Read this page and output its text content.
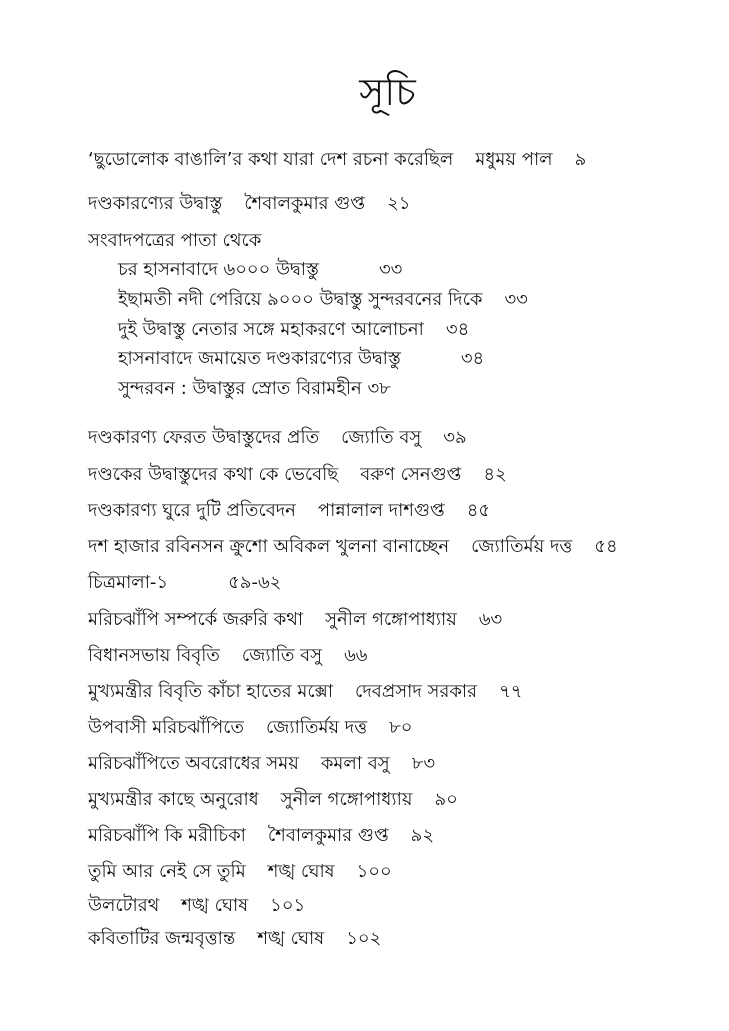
সূচি
‘ছুডোলোক বাঙালি’র কথা যারা দেশ রচনা করেছিল মধুময় পাল ৯
দণ্ডকারণ্যের উদ্বাস্তু শৈবালকুমার গুপ্ত ২১
সংবাদপত্রের পাতা থেকে
চর হাসনাবাদে ৬০০০ উদ্বাস্তু	৩৩
ইছামতী নদী পেরিয়ে ৯০০০ উদ্বাস্তু সুন্দরবনের দিকে ৩৩
দুই উদ্বাস্তু নেতার সঙ্গে মহাকরণে আলোচনা ৩৪
হাসনাবাদে জমায়েত দণ্ডকারণ্যের উদ্বাস্তু	৩৪
সুন্দরবন : উদ্বাস্তুর স্রোত বিরামহীন ৩৮
দণ্ডকারণ্য ফেরত উদ্বাস্তুদের প্রতি জ্যোতি বসু ৩৯
দণ্ডকের উদ্বাস্তুদের কথা কে ভেবেছি বরুণ সেনগুপ্ত ৪২
দণ্ডকারণ্য ঘুরে দুটি প্রতিবেদন পান্নালাল দাশগুপ্ত ৪৫
দশ হাজার রবিনসন ক্রুশো অবিকল খুলনা বানাচ্ছেন জ্যোতির্ময় দত্ত ৫৪
চিত্রমালা-১	৫৯-৬২
মরিচঝাঁপি সম্পর্কে জরুরি কথা সুনীল গঙ্গোপাধ্যায় ৬৩
বিধানসভায় বিবৃতি জ্যোতি বসু ৬৬
মুখ্যমন্ত্রীর বিবৃতি কাঁচা হাতের মক্সো দেবপ্রসাদ সরকার ৭৭
উপবাসী মরিচঝাঁপিতে জ্যোতির্ময় দত্ত ৮০
মরিচঝাঁপিতে অবরোধের সময় কমলা বসু ৮৩
মুখ্যমন্ত্রীর কাছে অনুরোধ সুনীল গঙ্গোপাধ্যায় ৯০
মরিচঝাঁপি কি মরীচিকা শৈবালকুমার গুপ্ত ৯২
তুমি আর নেই সে তুমি শঙ্খ ঘোষ ১০০
উলটোরথ শঙ্খ ঘোষ ১০১
কবিতাটির জন্মবৃত্তান্ত শঙ্খ ঘোষ ১০২
